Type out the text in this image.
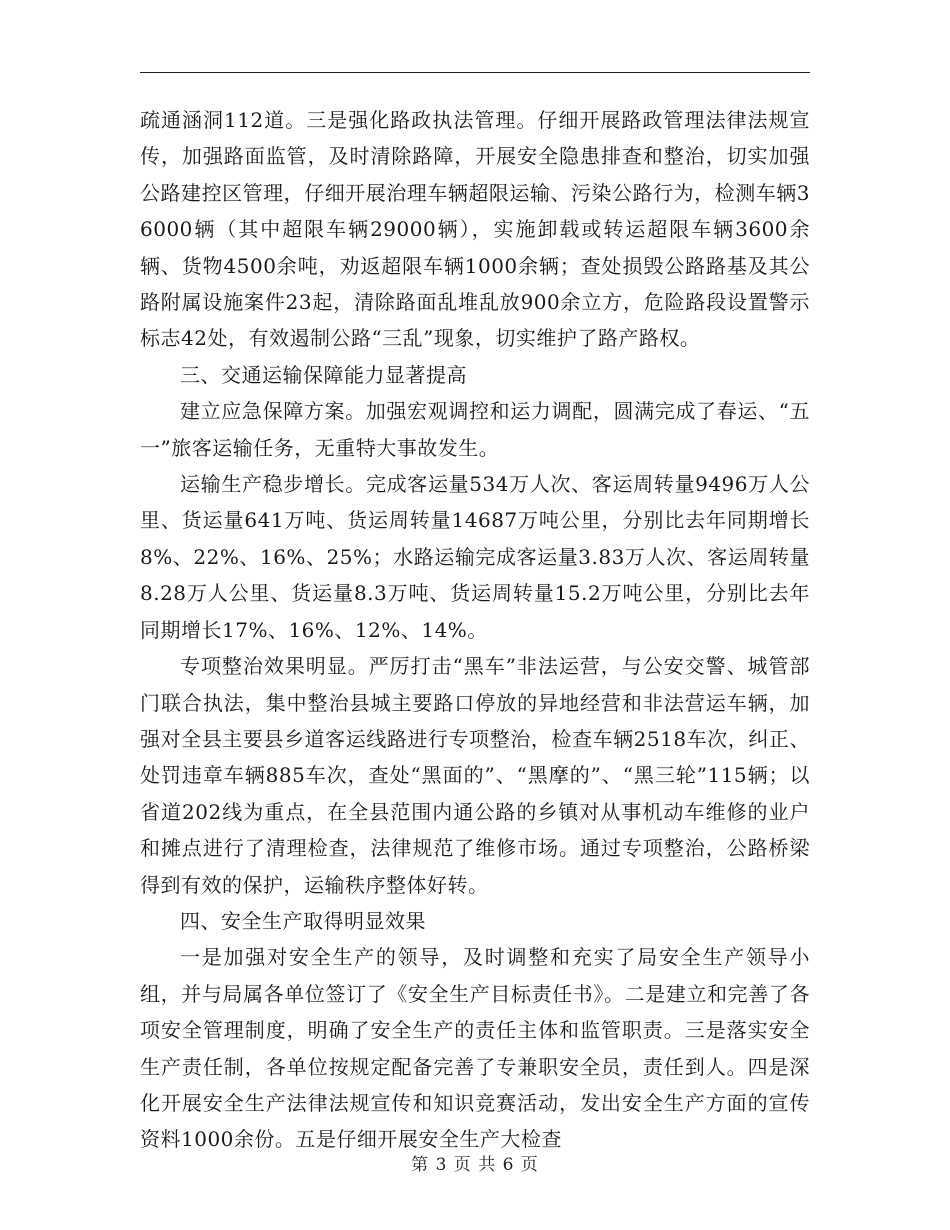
疏通涵洞112道。三是强化路政执法管理。仔细开展路政管理法律法规宣传，加强路面监管，及时清除路障，开展安全隐患排查和整治，切实加强公路建控区管理，仔细开展治理车辆超限运输、污染公路行为，检测车辆36000辆（其中超限车辆29000辆），实施卸载或转运超限车辆3600余辆、货物4500余吨，劝返超限车辆1000余辆；查处损毁公路路基及其公路附属设施案件23起，清除路面乱堆乱放900余立方，危险路段设置警示标志42处，有效遏制公路“三乱”现象，切实维护了路产路权。

三、交通运输保障能力显著提高

建立应急保障方案。加强宏观调控和运力调配，圆满完成了春运、“五一”旅客运输任务，无重特大事故发生。

运输生产稳步增长。完成客运量534万人次、客运周转量9496万人公里、货运量641万吨、货运周转量14687万吨公里，分别比去年同期增长8%、22%、16%、25%；水路运输完成客运量3.83万人次、客运周转量8.28万人公里、货运量8.3万吨、货运周转量15.2万吨公里，分别比去年同期增长17%、16%、12%、14%。

专项整治效果明显。严厉打击“黑车”非法运营，与公安交警、城管部门联合执法，集中整治县城主要路口停放的异地经营和非法营运车辆，加强对全县主要县乡道客运线路进行专项整治，检查车辆2518车次，纠正、处罚违章车辆885车次，查处“黑面的”、“黑摩的”、“黑三轮”115辆；以省道202线为重点，在全县范围内通公路的乡镇对从事机动车维修的业户和摊点进行了清理检查，法律规范了维修市场。通过专项整治，公路桥梁得到有效的保护，运输秩序整体好转。

四、安全生产取得明显效果

一是加强对安全生产的领导，及时调整和充实了局安全生产领导小组，并与局属各单位签订了《安全生产目标责任书》。二是建立和完善了各项安全管理制度，明确了安全生产的责任主体和监管职责。三是落实安全生产责任制，各单位按规定配备完善了专兼职安全员，责任到人。四是深化开展安全生产法律法规宣传和知识竞赛活动，发出安全生产方面的宣传资料1000余份。五是仔细开展安全生产大检查

第 3 页 共 6 页
